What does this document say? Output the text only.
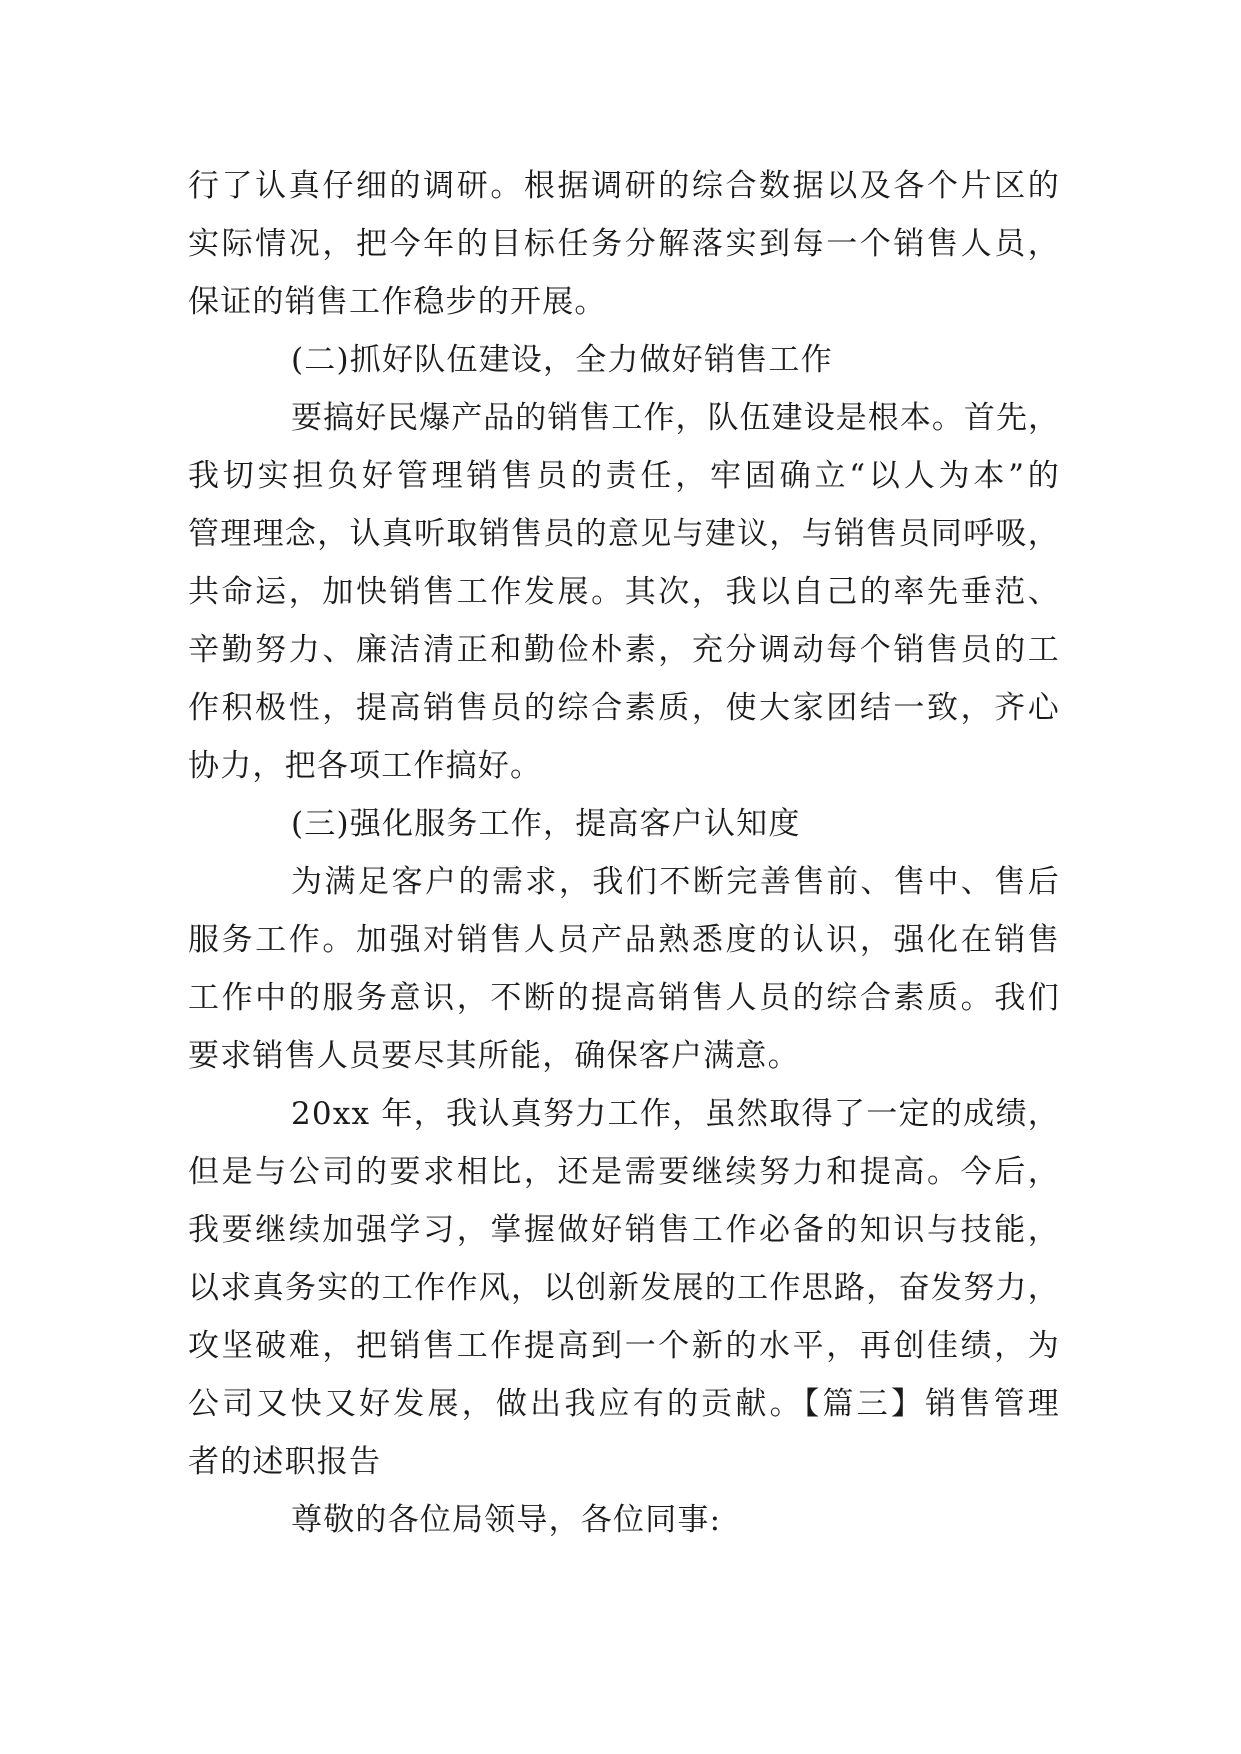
行了认真仔细的调研。根据调研的综合数据以及各个片区的
实际情况，把今年的目标任务分解落实到每一个销售人员，
保证的销售工作稳步的开展。
(二)抓好队伍建设，全力做好销售工作
要搞好民爆产品的销售工作，队伍建设是根本。首先，
我切实担负好管理销售员的责任，牢固确立“以人为本”的
管理理念，认真听取销售员的意见与建议，与销售员同呼吸，
共命运，加快销售工作发展。其次，我以自己的率先垂范、
辛勤努力、廉洁清正和勤俭朴素，充分调动每个销售员的工
作积极性，提高销售员的综合素质，使大家团结一致，齐心
协力，把各项工作搞好。
(三)强化服务工作，提高客户认知度
为满足客户的需求，我们不断完善售前、售中、售后
服务工作。加强对销售人员产品熟悉度的认识，强化在销售
工作中的服务意识，不断的提高销售人员的综合素质。我们
要求销售人员要尽其所能，确保客户满意。
20xx 年，我认真努力工作，虽然取得了一定的成绩，
但是与公司的要求相比，还是需要继续努力和提高。今后，
我要继续加强学习，掌握做好销售工作必备的知识与技能，
以求真务实的工作作风，以创新发展的工作思路，奋发努力，
攻坚破难，把销售工作提高到一个新的水平，再创佳绩，为
公司又快又好发展，做出我应有的贡献。【篇三】销售管理
者的述职报告
尊敬的各位局领导，各位同事:
